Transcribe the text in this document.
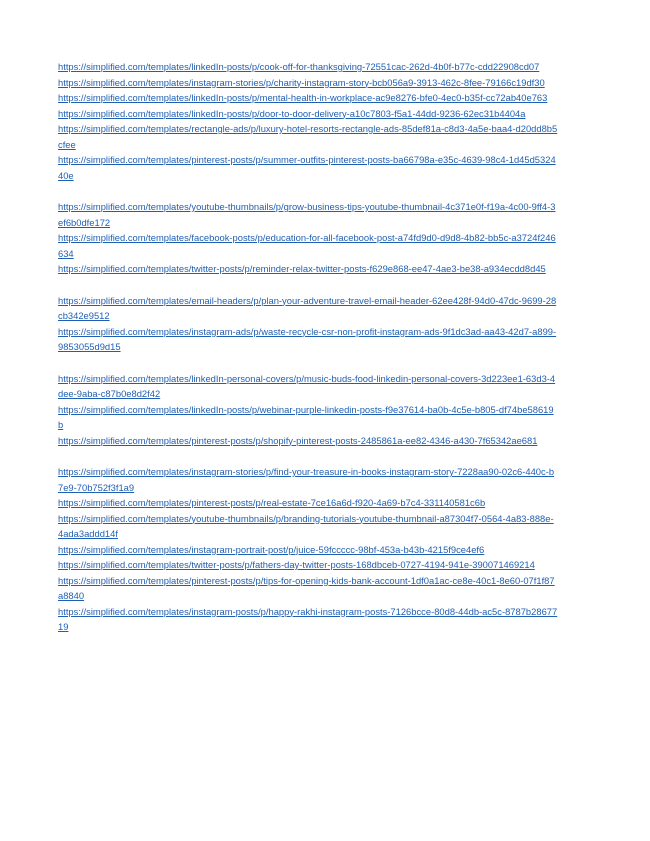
https://simplified.com/templates/linkedIn-posts/p/cook-off-for-thanksgiving-72551cac-262d-4b0f-b77c-cdd22908cd07
https://simplified.com/templates/instagram-stories/p/charity-instagram-story-bcb056a9-3913-462c-8fee-79166c19df30
https://simplified.com/templates/linkedIn-posts/p/mental-health-in-workplace-ac9e8276-bfe0-4ec0-b35f-cc72ab40e763
https://simplified.com/templates/linkedIn-posts/p/door-to-door-delivery-a10c7803-f5a1-44dd-9236-62ec31b4404a
https://simplified.com/templates/rectangle-ads/p/luxury-hotel-resorts-rectangle-ads-85def81a-c8d3-4a5e-baa4-d20dd8b5cfee
https://simplified.com/templates/pinterest-posts/p/summer-outfits-pinterest-posts-ba66798a-e35c-4639-98c4-1d45d532440e
https://simplified.com/templates/youtube-thumbnails/p/grow-business-tips-youtube-thumbnail-4c371e0f-f19a-4c00-9ff4-3ef6b0dfe172
https://simplified.com/templates/facebook-posts/p/education-for-all-facebook-post-a74fd9d0-d9d8-4b82-bb5c-a3724f246634
https://simplified.com/templates/twitter-posts/p/reminder-relax-twitter-posts-f629e868-ee47-4ae3-be38-a934ecdd8d45
https://simplified.com/templates/email-headers/p/plan-your-adventure-travel-email-header-62ee428f-94d0-47dc-9699-28cb342e9512
https://simplified.com/templates/instagram-ads/p/waste-recycle-csr-non-profit-instagram-ads-9f1dc3ad-aa43-42d7-a899-9853055d9d15
https://simplified.com/templates/linkedIn-personal-covers/p/music-buds-food-linkedin-personal-covers-3d223ee1-63d3-4dee-9aba-c87b0e8d2f42
https://simplified.com/templates/linkedIn-posts/p/webinar-purple-linkedin-posts-f9e37614-ba0b-4c5e-b805-df74be58619b
https://simplified.com/templates/pinterest-posts/p/shopify-pinterest-posts-2485861a-ee82-4346-a430-7f65342ae681
https://simplified.com/templates/instagram-stories/p/find-your-treasure-in-books-instagram-story-7228aa90-02c6-440c-b7e9-70b752f3f1a9
https://simplified.com/templates/pinterest-posts/p/real-estate-7ce16a6d-f920-4a69-b7c4-331140581c6b
https://simplified.com/templates/youtube-thumbnails/p/branding-tutorials-youtube-thumbnail-a87304f7-0564-4a83-888e-4ada3addd14f
https://simplified.com/templates/instagram-portrait-post/p/juice-59fccccc-98bf-453a-b43b-4215f9ce4ef6
https://simplified.com/templates/twitter-posts/p/fathers-day-twitter-posts-168dbceb-0727-4194-941e-390071469214
https://simplified.com/templates/pinterest-posts/p/tips-for-opening-kids-bank-account-1df0a1ac-ce8e-40c1-8e60-07f1f87a8840
https://simplified.com/templates/instagram-posts/p/happy-rakhi-instagram-posts-7126bcce-80d8-44db-ac5c-8787b2867719
